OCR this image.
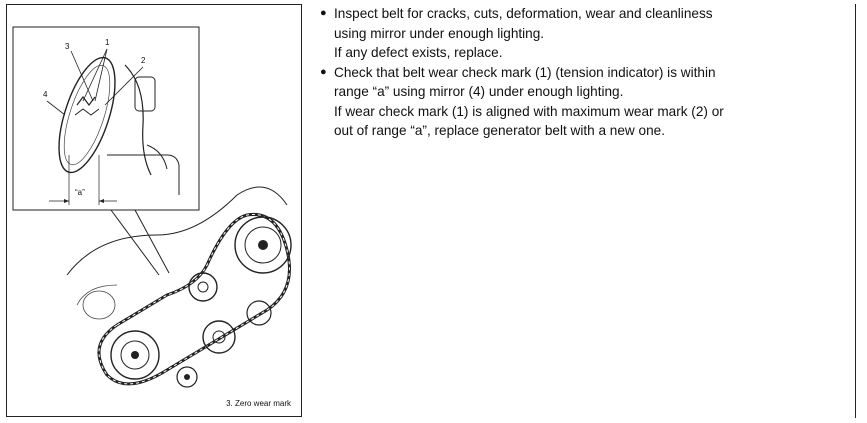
3	1
2
4
“a”
3. Zero wear mark
● Inspect belt for cracks, cuts, deformation, wear and cleanliness
using mirror under enough lighting.
If any defect exists, replace.
● Check that belt wear check mark (1) (tension indicator) is within
range “a” using mirror (4) under enough lighting.
If wear check mark (1) is aligned with maximum wear mark (2) or
out of range “a”, replace generator belt with a new one.
